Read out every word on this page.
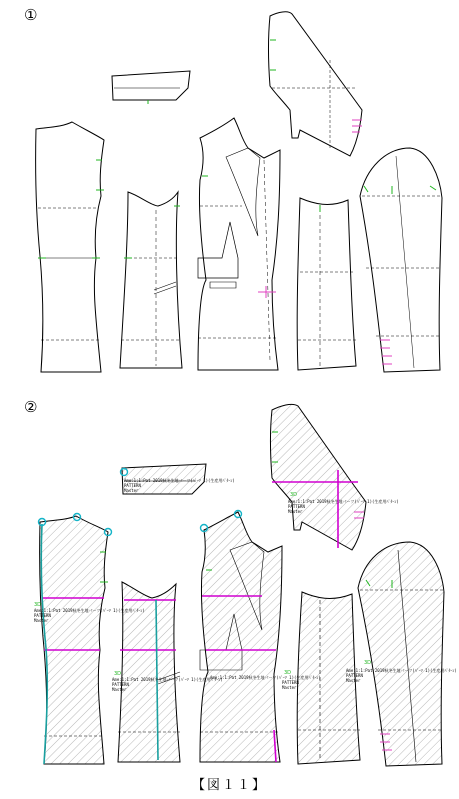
①
②
Ame:1:1:Pat 2019秋冬生地パーツ(ﾊﾟｰﾂ 1)(生産用ﾊﾟﾀｰﾝ)
PATTERN
Master
Ame:1:1:Pat 2019秋冬生地パーツ(ﾊﾟｰﾂ 1)(生産用ﾊﾟﾀｰﾝ)
PATTERN
Master
Ame:1:1:Pat 2019秋冬生地パーツ(ﾊﾟｰﾂ 1)(生産用ﾊﾟﾀｰﾝ)
PATTERN
Master
Ame:1:1:Pat 2019秋冬生地パーツ(ﾊﾟｰﾂ 1)(生産用ﾊﾟﾀｰﾝ)
PATTERN
Master
Ame:1:1:Pat 2019秋冬生地パーツ(ﾊﾟｰﾂ 1)(生産用ﾊﾟﾀｰﾝ)
PATTERN
Master
Ame:1:1:Pat 2019秋冬生地パーツ(ﾊﾟｰﾂ 1)(生産用ﾊﾟﾀｰﾝ)
PATTERN
Master
3D
3D	3D
3D
3D
【図１１】
